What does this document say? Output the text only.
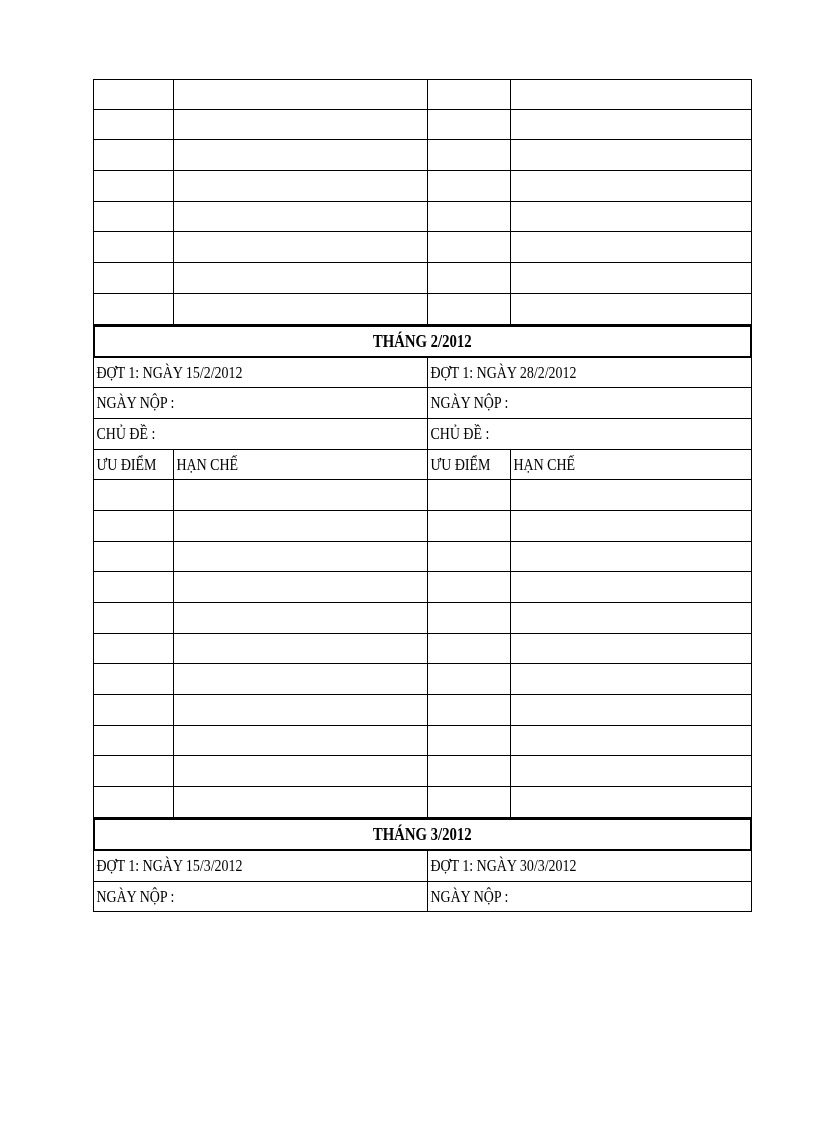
THÁNG 2/2012
ĐỢT 1: NGÀY 15/2/2012	ĐỢT 1: NGÀY 28/2/2012
NGÀY NỘP :	NGÀY NỘP :
CHỦ ĐỀ :	CHỦ ĐỀ :
ƯU ĐIỂM	HẠN CHẾ	ƯU ĐIỂM	HẠN CHẾ
THÁNG 3/2012
ĐỢT 1: NGÀY 15/3/2012	ĐỢT 1: NGÀY 30/3/2012
NGÀY NỘP :	NGÀY NỘP :
